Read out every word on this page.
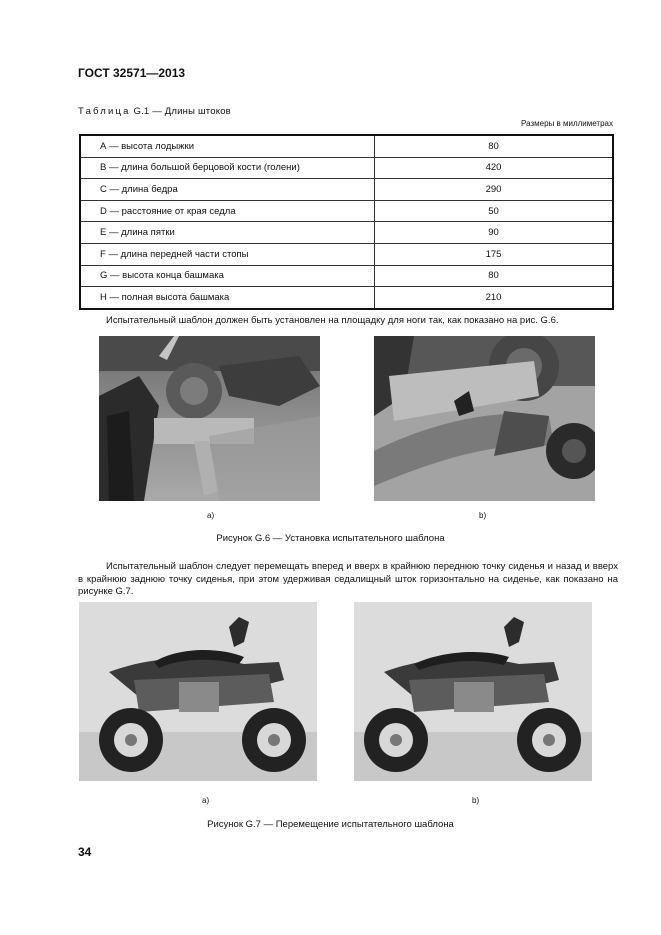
ГОСТ 32571—2013
Таблица G.1 — Длины штоков
Размеры в миллиметрах
А — высота лодыжки	80
В — длина большой берцовой кости (голени)	420
С — длина бедра	290
D — расстояние от края седла	50
Е — длина пятки	90
F — длина передней части стопы	175
G — высота конца башмака	80
Н — полная высота башмака	210
Испытательный шаблон должен быть установлен на площадку для ноги так, как показано на рис. G.6.
а)	b)
Рисунок G.6 — Установка испытательного шаблона
Испытательный шаблон следует перемещать вперед и вверх в крайнюю переднюю точку сиденья и назад и вверх в крайнюю заднюю точку сиденья, при этом удерживая седалищный шток горизонтально на сиденье, как показано на рисунке G.7.
а)	b)
Рисунок G.7 — Перемещение испытательного шаблона
34
